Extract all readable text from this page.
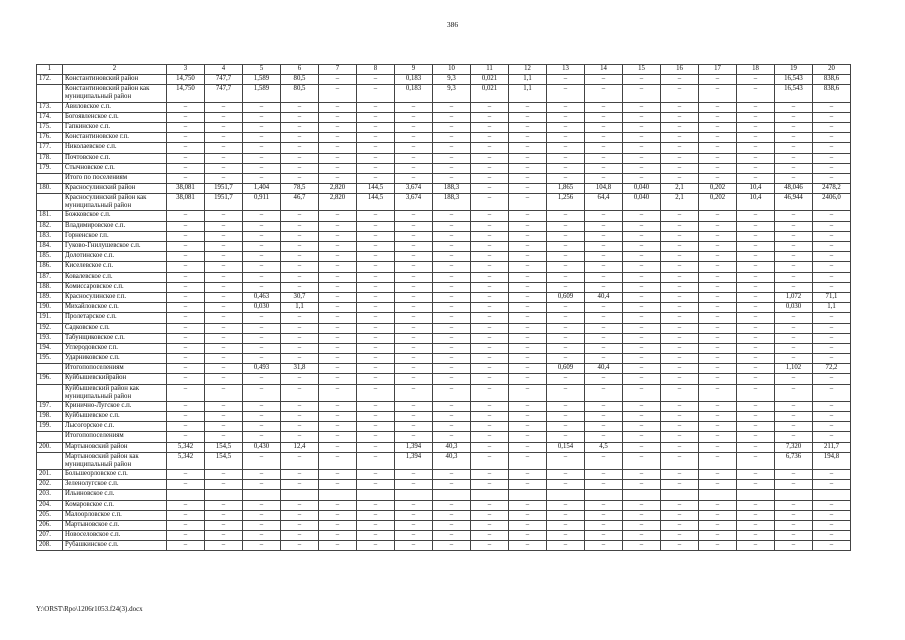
386
1	2	3	4	5	6	7	8	9	10	11	12	13	14	15	16	17	18	19	20
172.	Константиновский район	14,750	747,7	1,589	80,5	–	–	0,183	9,3	0,021	1,1	–	–	–	–	–	–	16,543	838,6
	Константиновский район как муниципальный район	14,750	747,7	1,589	80,5	–	–	0,183	9,3	0,021	1,1	–	–	–	–	–	–	16,543	838,6
173.	Авиловское с.п.	–	–	–	–	–	–	–	–	–	–	–	–	–	–	–	–	–	–
174.	Богоявленское с.п.	–	–	–	–	–	–	–	–	–	–	–	–	–	–	–	–	–	–
175.	Гапкинское с.п.	–	–	–	–	–	–	–	–	–	–	–	–	–	–	–	–	–	–
176.	Константиновское г.п.	–	–	–	–	–	–	–	–	–	–	–	–	–	–	–	–	–	–
177.	Николаевское с.п.	–	–	–	–	–	–	–	–	–	–	–	–	–	–	–	–	–	–
178.	Почтовское с.п.	–	–	–	–	–	–	–	–	–	–	–	–	–	–	–	–	–	–
179.	Стычновское с.п.	–	–	–	–	–	–	–	–	–	–	–	–	–	–	–	–	–	–
	Итого по поселениям	–	–	–	–	–	–	–	–	–	–	–	–	–	–	–	–	–	–
180.	Красносулинский район	38,081	1951,7	1,404	78,5	2,820	144,5	3,674	188,3	–	–	1,865	104,8	0,040	2,1	0,202	10,4	48,046	2478,2
	Красносулинский район как муниципальный район	38,081	1951,7	0,911	46,7	2,820	144,5	3,674	188,3	–	–	1,256	64,4	0,040	2,1	0,202	10,4	46,944	2406,0
181.	Божковское с.п.	–	–	–	–	–	–	–	–	–	–	–	–	–	–	–	–	–	–
182.	Владимировское с.п.	–	–	–	–	–	–	–	–	–	–	–	–	–	–	–	–	–	–
183.	Горненское г.п.	–	–	–	–	–	–	–	–	–	–	–	–	–	–	–	–	–	–
184.	Гуково-Гнилушевское с.п.	–	–	–	–	–	–	–	–	–	–	–	–	–	–	–	–	–	–
185.	Долотинское с.п.	–	–	–	–	–	–	–	–	–	–	–	–	–	–	–	–	–	–
186.	Киселевское с.п.	–	–	–	–	–	–	–	–	–	–	–	–	–	–	–	–	–	–
187.	Ковалевское с.п.	–	–	–	–	–	–	–	–	–	–	–	–	–	–	–	–	–	–
188.	Комиссаровское с.п.	–	–	–	–	–	–	–	–	–	–	–	–	–	–	–	–	–	–
189.	Красносулинское г.п.	–	–	0,463	30,7	–	–	–	–	–	–	0,609	40,4	–	–	–	–	1,072	71,1
190.	Михайловское с.п.	–	–	0,030	1,1	–	–	–	–	–	–	–	–	–	–	–	–	0,030	1,1
191.	Пролетарское с.п.	–	–	–	–	–	–	–	–	–	–	–	–	–	–	–	–	–	–
192.	Садковское с.п.	–	–	–	–	–	–	–	–	–	–	–	–	–	–	–	–	–	–
193.	Табунщиковское с.п.	–	–	–	–	–	–	–	–	–	–	–	–	–	–	–	–	–	–
194.	Углеродовское г.п.	–	–	–	–	–	–	–	–	–	–	–	–	–	–	–	–	–	–
195.	Ударниковское с.п.	–	–	–	–	–	–	–	–	–	–	–	–	–	–	–	–	–	–
	Итогопопоселениям	–	–	0,493	31,8	–	–	–	–	–	–	0,609	40,4	–	–	–	–	1,102	72,2
196.	Куйбышевскийрайон	–	–	–	–	–	–	–	–	–	–	–	–	–	–	–	–	–	–
	Куйбышевский район как муниципальный район	–	–	–	–	–	–	–	–	–	–	–	–	–	–	–	–	–	–
197.	Кринично-Лугское с.п.	–	–	–	–	–	–	–	–	–	–	–	–	–	–	–	–	–	–
198.	Куйбышевское с.п.	–	–	–	–	–	–	–	–	–	–	–	–	–	–	–	–	–	–
199.	Лысогорское с.п.	–	–	–	–	–	–	–	–	–	–	–	–	–	–	–	–	–	–
	Итогопопоселениям	–	–	–	–	–	–	–	–	–	–	–	–	–	–	–	–	–	–
200.	Мартыновский район	5,342	154,5	0,430	12,4	–	–	1,394	40,3	–	–	0,154	4,5	–	–	–	–	7,320	211,7
	Мартыновский район как муниципальный район	5,342	154,5	–	–	–	–	1,394	40,3	–	–	–	–	–	–	–	–	6,736	194,8
201.	Большеорловское с.п.	–	–	–	–	–	–	–	–	–	–	–	–	–	–	–	–	–	–
202.	Зеленолугское с.п.	–	–	–	–	–	–	–	–	–	–	–	–	–	–	–	–	–	–
203.	Ильиновское с.п.																		
204.	Комаровское с.п.	–	–	–	–	–	–	–	–	–	–	–	–	–	–	–	–	–	–
205.	Малоорловское с.п.	–	–	–	–	–	–	–	–	–	–	–	–	–	–	–	–	–	–
206.	Мартыновское с.п.	–	–	–	–	–	–	–	–	–	–	–	–	–	–	–	–	–	–
207.	Новоселовское с.п.	–	–	–	–	–	–	–	–	–	–	–	–	–	–	–	–	–	–
208.	Рубашкинское с.п.	–	–	–	–	–	–	–	–	–	–	–	–	–	–	–	–	–	–
Y:\ORST\Rpo\1206r1053.f24(3).docx
